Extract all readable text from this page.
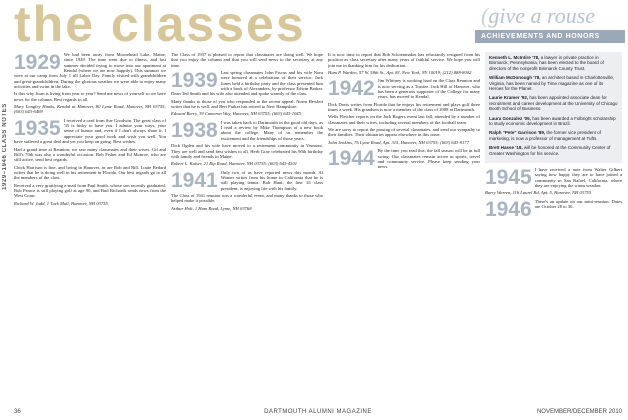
1929–1946 CLASS NOTES
the classes	(give a rouse
ACHIEVEMENTS AND HONORS
1929 We had been away from Moosehead Lake, Maine, since 1949. The time went due to illness, and last summer decided trying to move into our apartment at Kendal (where we are now happily). This summer we were at our camp from July 1 till Labor Day. Family visited with grandchildren and great-grandchildren. During the glorious weather we were able to enjoy many activities and swim in the lake.

Is this why Iwan is living from year to year? Send me news of yourself so we have news for the column. Best regards to all.

Mary Longley Hanks, Kendal at Hanover, 80 Lyme Road, Hanover, NH 03755; (603) 643-6469

1935 I received a card from Sue Goodwin. The great class of '35 is lucky to have you. I admire your ways, your sense of humor and, even if I don't always share it, I appreciate your good work and wish you well. You have suffered a great deal and yet you keep on going. Best wishes.

Had a grand time at Reunion; we saw many classmates and their wives. Gil and Bill's 70th was also a wonderful occasion. Bob Fisher and Ed Monroe, who are still active, send best regards.

Chick Harrison is fine, and living in Hanover, as are Bob and Bill. Louie Bedard writes that he is doing well in his retirement in Florida. Our best regards go to all the members of the class.

Received a very gratifying e-mail from Paul Smith, whose son recently graduated. Bob Pearce is still playing golf at age 90, and Bud Richards sends news from the West Coast.

Richard W. Judd, 1 Tuck Mall, Hanover, NH 03755

The Class of 1937 is pleased to report that classmates are doing well. We hope that you enjoy the column and that you will send news to the secretary at any time.

1939 Last spring classmates John Fiscus and his wife Nora were honored at a celebration of their service. Jack Jones held a birthday party and the class presented him with a book of Alexanders, by professor Edwin Barker. Dean Ted Smith and his wife also attended and spoke warmly of the class.

Many thanks to those of you who responded to the recent appeal. Norm Hewlett writes that he is well, and Bert Parker has retired to New Hampshire.

Edward Berry, 39 Cameron Way, Hanover, NH 03755; (603) 643-1045

1938 I was taken back to Dartmouth in the good old days, as I read a review by Mike Thompson of a new book about the college. Many of us remember the excitement and the friendships of those years.

Dick Ogden and his wife have moved to a retirement community in Vermont. They are well and send best wishes to all. Herb Gray celebrated his 90th birthday with family and friends in Maine.

Robert L. Kaiser, 21 Rip Road, Hanover, NH 03755; (603) 643-4501

1941 Only two of us have reported news this month. Al Warner writes from his home in California that he is still playing tennis. Bob Hunt, the fine '41 class president, is enjoying life with his family.

The Class of 1941 reunion was a wonderful event, and many thanks to those who helped make it possible.

Arthur Holt, 1 Ham Road, Lyme, NH 03768

It is now time to report that Bob Schoenmaker has reluctantly resigned from his position as class secretary after many years of faithful service. We hope you will join me in thanking him for his dedication.

Ham P. Warden, 57 W. 58th St., Apt. 8J, New York, NY 10019; (212) 888-8002

1942 Jim Whitney is working hard on the Class Reunion and is now serving as a Trustee. Jack Hill of Hanover, who has been a generous supporter of the College for many years, has moved to Kendal.

Dick Davis writes from Florida that he enjoys his retirement and plays golf three times a week. His grandson is now a member of the class of 2008 at Dartmouth.

Wells Fletcher reports on the Jack Rogers event last fall, attended by a number of classmates and their wives, including several members of the football team.

We are sorry to report the passing of several classmates, and send our sympathy to their families. Their obituaries appear elsewhere in this issue.

John Jenkins, 76 Lyme Road, Apt. 315, Hanover, NH 03755; (603) 643-9177

1944 By the time you read this, the fall season will be in full swing. Our classmates remain active in sports, travel and community service. Please keep sending your news.

Kenneth L. McIntire '78, a lawyer in private practice in Bismarck, Pennsylvania, has been elected to the board of directors of the nonprofit Bismarck County Trust.

William McDonough '78, an architect based in Charlottesville, Virginia, has been named by Time magazine as one of its Heroes for the Planet.

Laurie Kramer '92, has been appointed associate dean for recruitment and career development at the University of Chicago Booth School of Business.

Laura Gonzalez '05, has been awarded a Fulbright scholarship to study economic development in Brazil.

Ralph "Pete" Garrison '89, the former vice president of marketing, is now a professor of management at Tufts.

Brett Hasse '18, will be honored at the Community Center of Greater Washington for his service.

1945 I have received a note from Walter Gilbert saying how happy they are to have joined a community in San Rafael, California, where they are enjoying the warm weather.

Barry Warren, 116 Laurel Rd, Apt. 5, Hanover, NH 03755

1946 There's an update on our mini-reunion. Dates are October 28 to 30.

36	DARTMOUTH ALUMNI MAGAZINE	NOVEMBER/DECEMBER 2010
